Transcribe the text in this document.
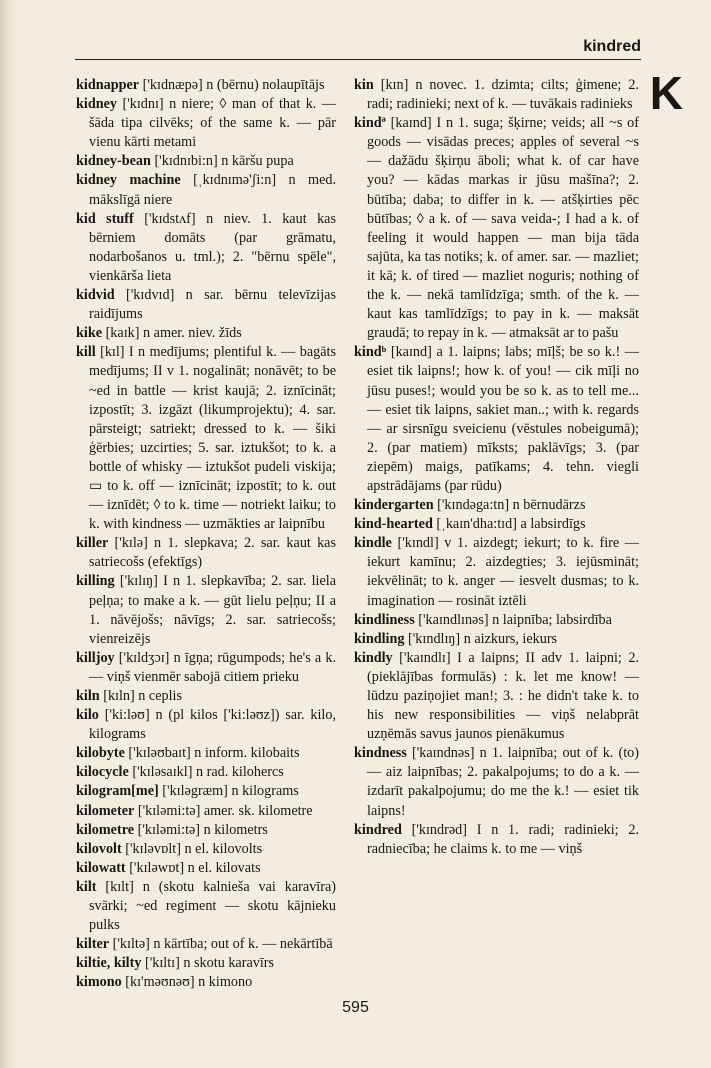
kindred
K

kidnapper ['kɪdnæpə] n (bērnu) nolaupītājs

kidney ['kɪdnɪ] n niere; ◊ man of that k. — šāda tipa cilvēks; of the same k. — pār vienu kārti metami

kidney-bean ['kɪdnɪbi:n] n kāršu pupa

kidney machine [ˌkɪdnɪmə'ʃi:n] n med. mākslīgā niere

kid stuff ['kɪdstʌf] n niev. 1. kaut kas bērniem domāts (par grāmatu, nodarbošanos u. tml.); 2. "bērnu spēle", vienkārša lieta

kidvid ['kɪdvɪd] n sar. bērnu televīzijas raidījums

kike [kaɪk] n amer. niev. žīds

kill [kɪl] I n medījums; plentiful k. — bagāts medījums; II v 1. nogalināt; nonāvēt; to be ~ed in battle — krist kaujā; 2. iznīcināt; izpostīt; 3. izgāzt (likumprojektu); 4. sar. pārsteigt; satriekt; dressed to k. — šiki ģērbies; uzcirties; 5. sar. iztukšot; to k. a bottle of whisky — iztukšot pudeli viskija; ▭ to k. off — iznīcināt; izpostīt; to k. out — iznīdēt; ◊ to k. time — notriekt laiku; to k. with kindness — uzmākties ar laipnību

killer ['kɪlə] n 1. slepkava; 2. sar. kaut kas satriecošs (efektīgs)

killing ['kɪlɪŋ] I n 1. slepkavība; 2. sar. liela peļņa; to make a k. — gūt lielu peļņu; II a 1. nāvējošs; nāvīgs; 2. sar. satriecošs; vienreizējs

killjoy ['kɪldʒɔɪ] n īgņa; rūgumpods; he's a k. — viņš vienmēr sabojā citiem prieku

kiln [kɪln] n ceplis

kilo ['ki:ləʊ] n (pl kilos ['ki:ləʊz]) sar. kilo, kilograms

kilobyte ['kɪləʊbaɪt] n inform. kilobaits

kilocycle ['kɪləsaɪkl] n rad. kiloherсs

kilogram[me] ['kɪləgræm] n kilograms

kilometer ['kɪləmi:tə] amer. sk. kilometre

kilometre ['kɪləmi:tə] n kilometrs

kilovolt ['kɪləvɒlt] n el. kilovolts

kilowatt ['kɪləwɒt] n el. kilovats

kilt [kɪlt] n (skotu kalnieša vai karavīra) svārki; ~ed regiment — skotu kājnieku pulks

kilter ['kɪltə] n kārtība; out of k. — nekārtībā

kiltie, kilty ['kɪltɪ] n skotu karavīrs

kimono [kɪ'məʊnəʊ] n kimono

kin [kɪn] n novec. 1. dzimta; cilts; ģimene; 2. radi; radinieki; next of k. — tuvākais radinieks

kindª [kaɪnd] I n 1. suga; šķirne; veids; all ~s of goods — visādas preces; apples of several ~s — dažādu šķirņu āboli; what k. of car have you? — kādas markas ir jūsu mašīna?; 2. būtība; daba; to differ in k. — atšķirties pēc būtības; ◊ a k. of — sava veida-; I had a k. of feeling it would happen — man bija tāda sajūta, ka tas notiks; k. of amer. sar. — mazliet; it kā; k. of tired — mazliet noguris; nothing of the k. — nekā tamlīdzīga; smth. of the k. — kaut kas tamlīdzīgs; to pay in k. — maksāt graudā; to repay in k. — atmaksāt ar to pašu

kindᵇ [kaɪnd] a 1. laipns; labs; mīļš; be so k.! — esiet tik laipns!; how k. of you! — cik mīļi no jūsu puses!; would you be so k. as to tell me... — esiet tik laipns, sakiet man..; with k. regards — ar sirsnīgu sveicienu (vēstules nobeigumā); 2. (par matiem) mīksts; paklāvīgs; 3. (par ziepēm) maigs, patīkams; 4. tehn. viegli apstrādājams (par rūdu)

kindergarten ['kɪndəga:tn] n bērnudārzs

kind-hearted [ˌkaɪn'dha:tɪd] a labsirdīgs

kindle ['kɪndl] v 1. aizdegt; iekurt; to k. fire — iekurt kamīnu; 2. aizdegties; 3. iejūsmināt; iekvēlināt; to k. anger — iesvelt dusmas; to k. imagination — rosināt iztēli

kindliness ['kaɪndlɪnəs] n laipnība; labsirdība

kindling ['kɪndlɪŋ] n aizkurs, iekurs

kindly ['kaɪndlɪ] I a laipns; II adv 1. laipni; 2. (pieklājības formulās) : k. let me know! — lūdzu paziņojiet man!; 3. : he didn't take k. to his new responsibilities — viņš nelabprāt uzņēmās savus jaunos pienākumus

kindness ['kaɪndnəs] n 1. laipnība; out of k. (to) — aiz laipnības; 2. pakalpojums; to do a k. — izdarīt pakalpojumu; do me the k.! — esiet tik laipns!

kindred ['kɪndrəd] I n 1. radi; radinieki; 2. radniecība; he claims k. to me — viņš

595
